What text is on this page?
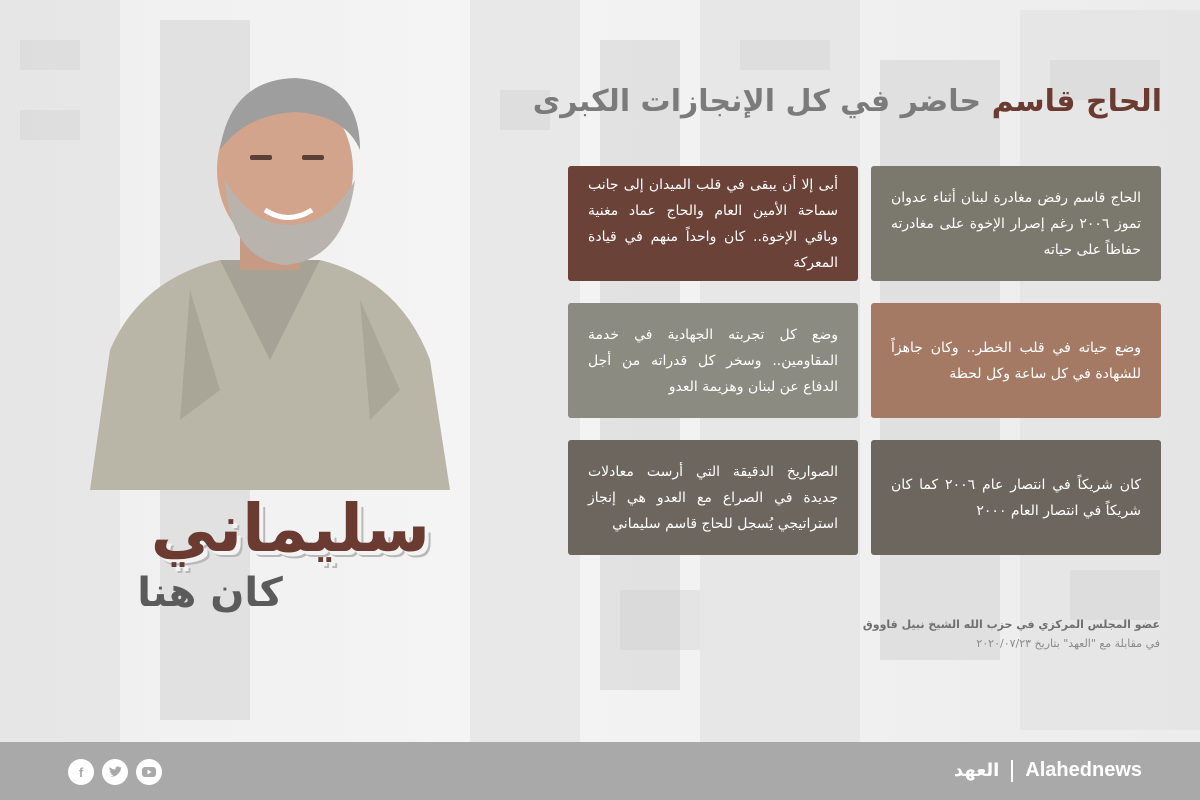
الحاج قاسم حاضر في كل الإنجازات الكبرى
الحاج قاسم رفض مغادرة لبنان أثناء عدوان تموز ٢٠٠٦ رغم إصرار الإخوة على مغادرته حفاظاً على حياته
أبى إلا أن يبقى في قلب الميدان إلى جانب سماحة الأمين العام والحاج عماد مغنية وباقي الإخوة.. كان واحداً منهم في قيادة المعركة
وضع حياته في قلب الخطر.. وكان جاهزاً للشهادة في كل ساعة وكل لحظة
وضع كل تجربته الجهادية في خدمة المقاومين.. وسخر كل قدراته من أجل الدفاع عن لبنان وهزيمة العدو
كان شريكاً في انتصار عام ٢٠٠٦ كما كان شريكاً في انتصار العام ٢٠٠٠
الصواريخ الدقيقة التي أرست معادلات جديدة في الصراع مع العدو هي إنجاز استراتيجي يُسجل للحاج قاسم سليماني
سليماني
كان هنا
عضو المجلس المركزي في حزب الله الشيخ نبيل قاووق
في مقابلة مع "العهد" بتاريخ ٢٠٢٠/٠٧/٢٣
f	العهد Alahednews
